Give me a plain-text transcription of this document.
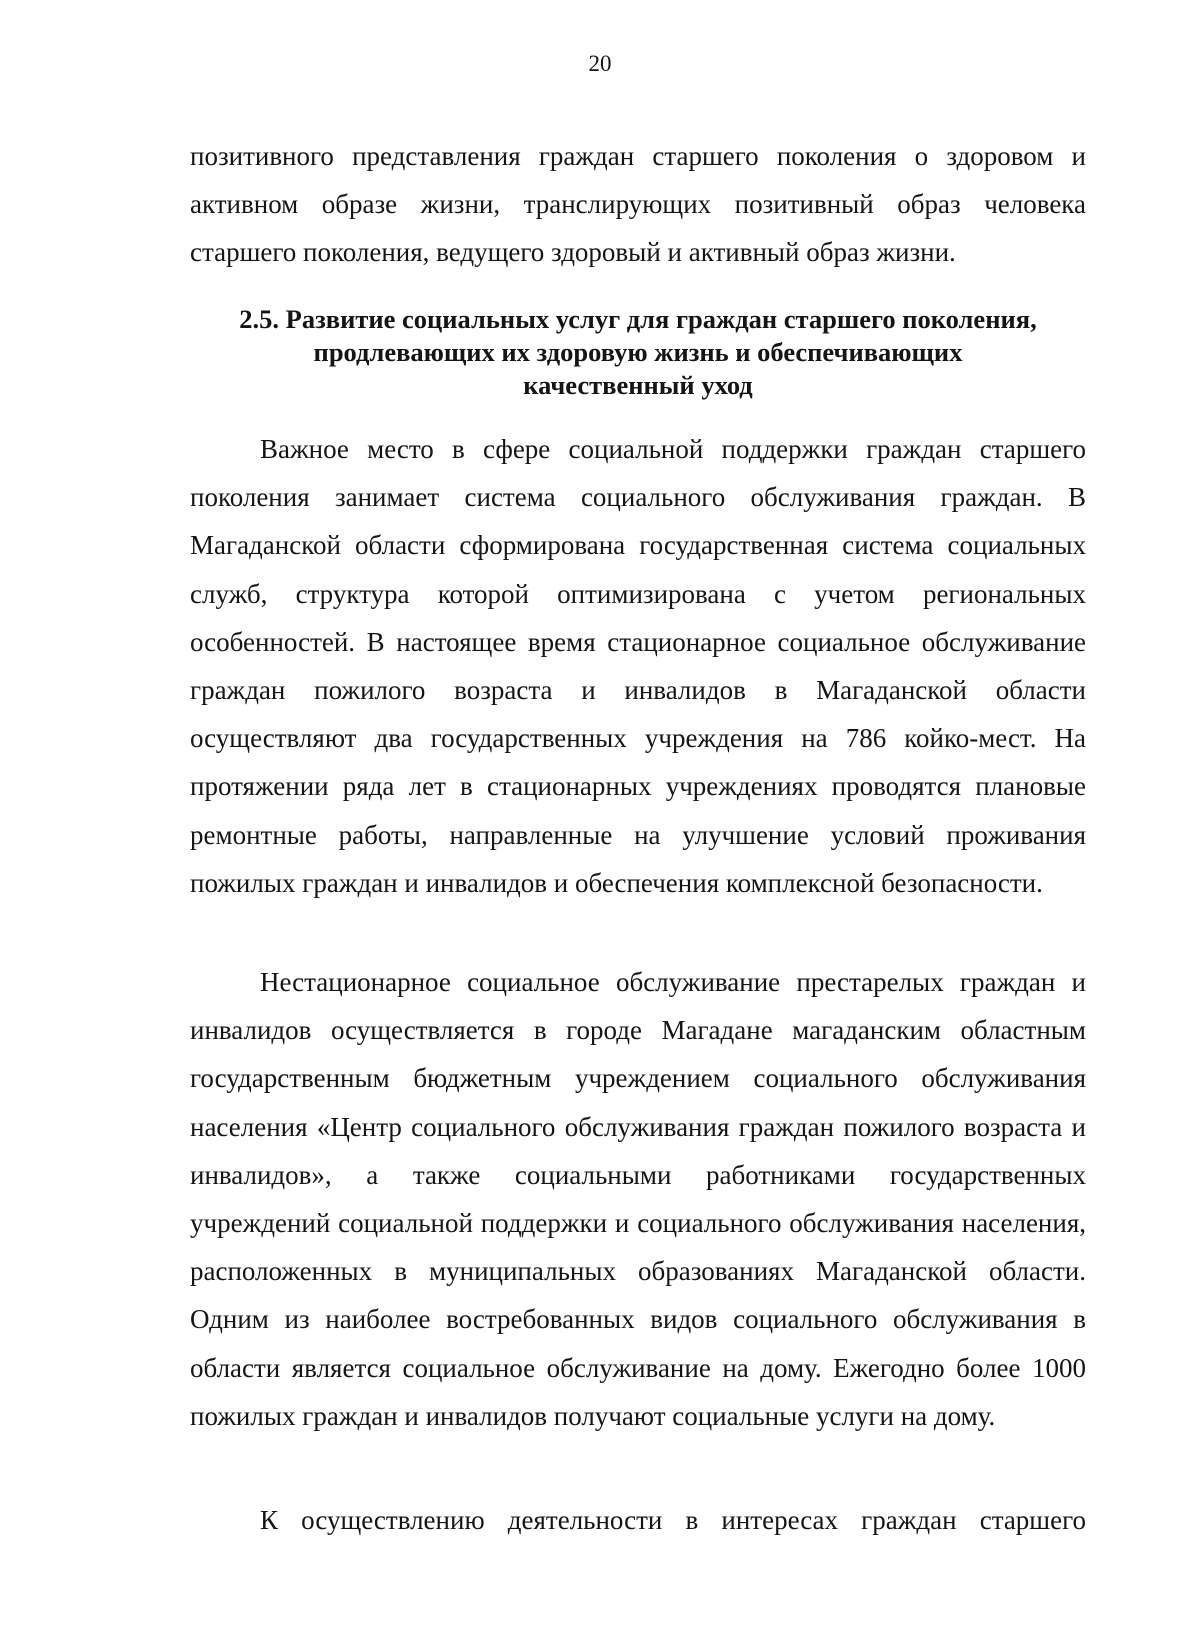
20

позитивного представления граждан старшего поколения о здоровом и активном образе жизни, транслирующих позитивный образ человека старшего поколения, ведущего здоровый и активный образ жизни.

2.5. Развитие социальных услуг для граждан старшего поколения,
продлевающих их здоровую жизнь и обеспечивающих
качественный уход

Важное место в сфере социальной поддержки граждан старшего поколения занимает система социального обслуживания граждан. В Магаданской области сформирована государственная система социальных служб, структура которой оптимизирована с учетом региональных особенностей. В настоящее время стационарное социальное обслуживание граждан пожилого возраста и инвалидов в Магаданской области осуществляют два государственных учреждения на 786 койко-мест. На протяжении ряда лет в стационарных учреждениях проводятся плановые ремонтные работы, направленные на улучшение условий проживания пожилых граждан и инвалидов и обеспечения комплексной безопасности.

Нестационарное социальное обслуживание престарелых граждан и инвалидов осуществляется в городе Магадане магаданским областным государственным бюджетным учреждением социального обслуживания населения «Центр социального обслуживания граждан пожилого возраста и инвалидов», а также социальными работниками государственных учреждений социальной поддержки и социального обслуживания населения, расположенных в муниципальных образованиях Магаданской области. Одним из наиболее востребованных видов социального обслуживания в области является социальное обслуживание на дому. Ежегодно более 1000 пожилых граждан и инвалидов получают социальные услуги на дому.

К осуществлению деятельности в интересах граждан старшего
